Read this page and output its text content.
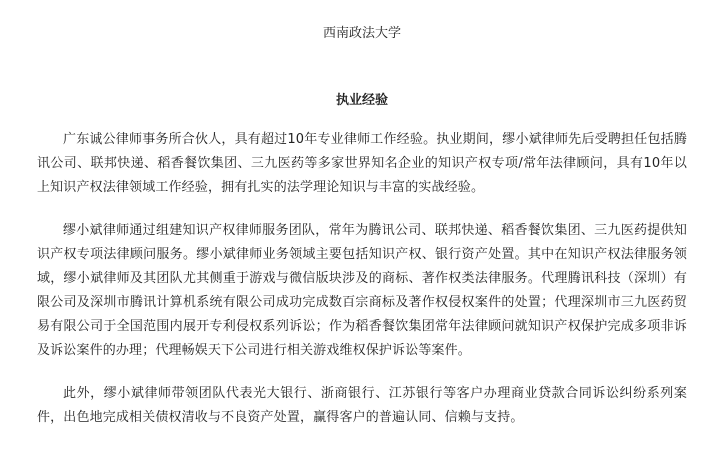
西南政法大学
执业经验

广东诚公律师事务所合伙人，具有超过10年专业律师工作经验。执业期间，缪小斌律师先后受聘担任包括腾讯公司、联邦快递、稻香餐饮集团、三九医药等多家世界知名企业的知识产权专项/常年法律顾问，具有10年以上知识产权法律领域工作经验，拥有扎实的法学理论知识与丰富的实战经验。

缪小斌律师通过组建知识产权律师服务团队，常年为腾讯公司、联邦快递、稻香餐饮集团、三九医药提供知识产权专项法律顾问服务。缪小斌律师业务领域主要包括知识产权、银行资产处置。其中在知识产权法律服务领域，缪小斌律师及其团队尤其侧重于游戏与微信版块涉及的商标、著作权类法律服务。代理腾讯科技（深圳）有限公司及深圳市腾讯计算机系统有限公司成功完成数百宗商标及著作权侵权案件的处置；代理深圳市三九医药贸易有限公司于全国范围内展开专利侵权系列诉讼；作为稻香餐饮集团常年法律顾问就知识产权保护完成多项非诉及诉讼案件的办理；代理畅娱天下公司进行相关游戏维权保护诉讼等案件。

此外，缪小斌律师带领团队代表光大银行、浙商银行、江苏银行等客户办理商业贷款合同诉讼纠纷系列案件，出色地完成相关债权清收与不良资产处置，赢得客户的普遍认同、信赖与支持。
